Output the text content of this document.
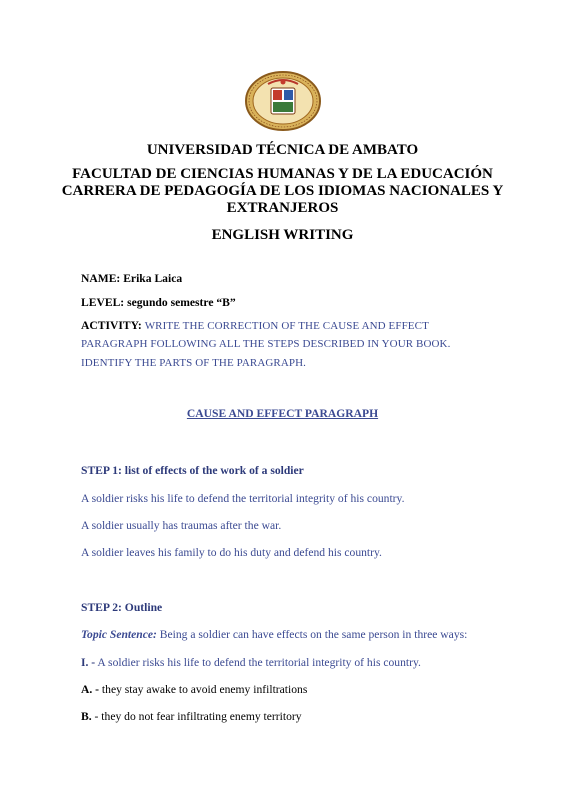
UNIVERSIDAD TÉCNICA DE AMBATO
FACULTAD DE CIENCIAS HUMANAS Y DE LA EDUCACIÓN
CARRERA DE PEDAGOGÍA DE LOS IDIOMAS NACIONALES Y
EXTRANJEROS
ENGLISH WRITING
NAME: Erika Laica
LEVEL: segundo semestre “B”
ACTIVITY: WRITE THE CORRECTION OF THE CAUSE AND EFFECT
PARAGRAPH FOLLOWING ALL THE STEPS DESCRIBED IN YOUR BOOK.
IDENTIFY THE PARTS OF THE PARAGRAPH.
CAUSE AND EFFECT PARAGRAPH
STEP 1: list of effects of the work of a soldier
A soldier risks his life to defend the territorial integrity of his country.
A soldier usually has traumas after the war.
A soldier leaves his family to do his duty and defend his country.
STEP 2: Outline
Topic Sentence: Being a soldier can have effects on the same person in three ways:
I. - A soldier risks his life to defend the territorial integrity of his country.
A. - they stay awake to avoid enemy infiltrations
B. - they do not fear infiltrating enemy territory
